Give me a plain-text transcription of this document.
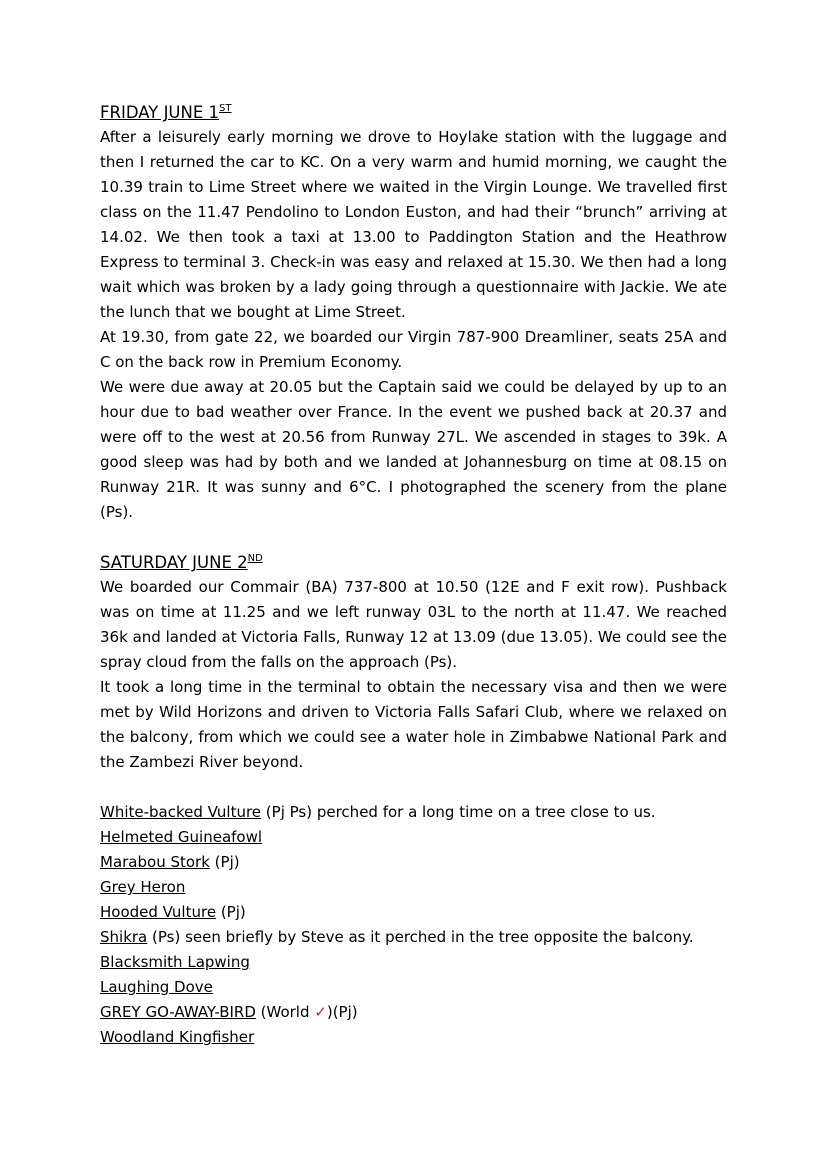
FRIDAY JUNE 1ST

After a leisurely early morning we drove to Hoylake station with the luggage and then I returned the car to KC. On a very warm and humid morning, we caught the 10.39 train to Lime Street where we waited in the Virgin Lounge. We travelled first class on the 11.47 Pendolino to London Euston, and had their “brunch” arriving at 14.02. We then took a taxi at 13.00 to Paddington Station and the Heathrow Express to terminal 3. Check-in was easy and relaxed at 15.30. We then had a long wait which was broken by a lady going through a questionnaire with Jackie. We ate the lunch that we bought at Lime Street.

At 19.30, from gate 22, we boarded our Virgin 787-900 Dreamliner, seats 25A and C on the back row in Premium Economy.

We were due away at 20.05 but the Captain said we could be delayed by up to an hour due to bad weather over France. In the event we pushed back at 20.37 and were off to the west at 20.56 from Runway 27L. We ascended in stages to 39k. A good sleep was had by both and we landed at Johannesburg on time at 08.15 on Runway 21R. It was sunny and 6°C. I photographed the scenery from the plane (Ps).

SATURDAY JUNE 2ND

We boarded our Commair (BA) 737-800 at 10.50 (12E and F exit row). Pushback was on time at 11.25 and we left runway 03L to the north at 11.47. We reached 36k and landed at Victoria Falls, Runway 12 at 13.09 (due 13.05). We could see the spray cloud from the falls on the approach (Ps).

It took a long time in the terminal to obtain the necessary visa and then we were met by Wild Horizons and driven to Victoria Falls Safari Club, where we relaxed on the balcony, from which we could see a water hole in Zimbabwe National Park and the Zambezi River beyond.

White-backed Vulture (Pj Ps) perched for a long time on a tree close to us.

Helmeted Guineafowl

Marabou Stork (Pj)

Grey Heron

Hooded Vulture (Pj)

Shikra (Ps) seen briefly by Steve as it perched in the tree opposite the balcony.

Blacksmith Lapwing

Laughing Dove

GREY GO-AWAY-BIRD (World ✓)(Pj)

Woodland Kingfisher
